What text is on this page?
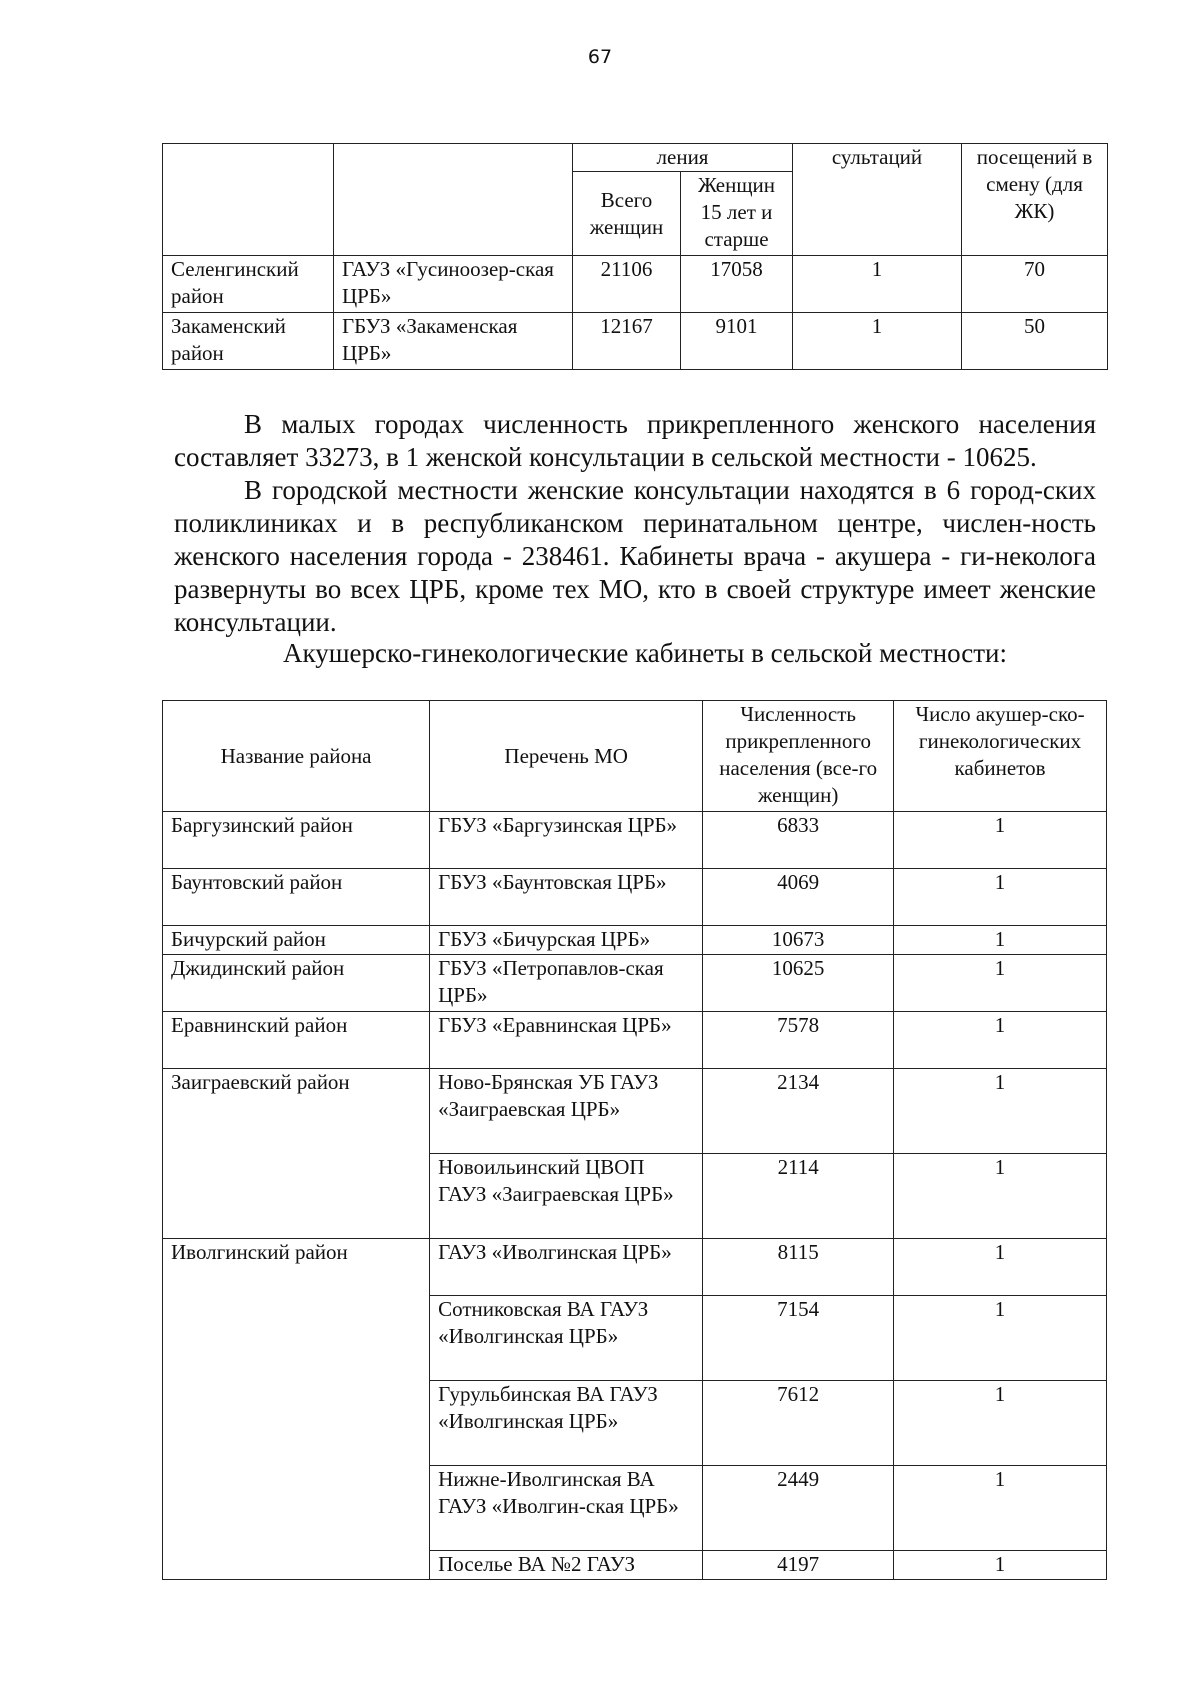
67
		ления		сультаций	посещений в смену (для ЖК)
		Всего женщин	Женщин 15 лет и старше		
Селенгинский район	ГАУЗ «Гусиноозер-ская ЦРБ»	21106	17058	1	70
Закаменский район	ГБУЗ «Закаменская ЦРБ»	12167	9101	1	50

В малых городах численность прикрепленного женского населения составляет 33273, в 1 женской консультации в сельской местности - 10625.

В городской местности женские консультации находятся в 6 город-ских поликлиниках и в республиканском перинатальном центре, числен-ность женского населения города - 238461. Кабинеты врача - акушера - ги-неколога развернуты во всех ЦРБ, кроме тех МО, кто в своей структуре имеет женские консультации.

Акушерско-гинекологические кабинеты в сельской местности:
Название района	Перечень МО	Численность прикрепленного населения (все-го женщин)	Число акушер-ско-гинекологических кабинетов
Баргузинский район	ГБУЗ «Баргузинская ЦРБ»	6833	1
Баунтовский район	ГБУЗ «Баунтовская ЦРБ»	4069	1
Бичурский район	ГБУЗ «Бичурская ЦРБ»	10673	1
Джидинский район	ГБУЗ «Петропавлов-ская ЦРБ»	10625	1
Еравнинский район	ГБУЗ «Еравнинская ЦРБ»	7578	1
Заиграевский район	Ново-Брянская УБ ГАУЗ «Заиграевская ЦРБ»	2134	1
	Новоильинский ЦВОП ГАУЗ «Заиграевская ЦРБ»	2114	1
Иволгинский район	ГАУЗ «Иволгинская ЦРБ»	8115	1
	Сотниковская ВА ГАУЗ «Иволгинская ЦРБ»	7154	1
	Гурульбинская ВА ГАУЗ «Иволгинская ЦРБ»	7612	1
	Нижне-Иволгинская ВА ГАУЗ «Иволгин-ская ЦРБ»	2449	1
	Поселье ВА №2 ГАУЗ	4197	1
